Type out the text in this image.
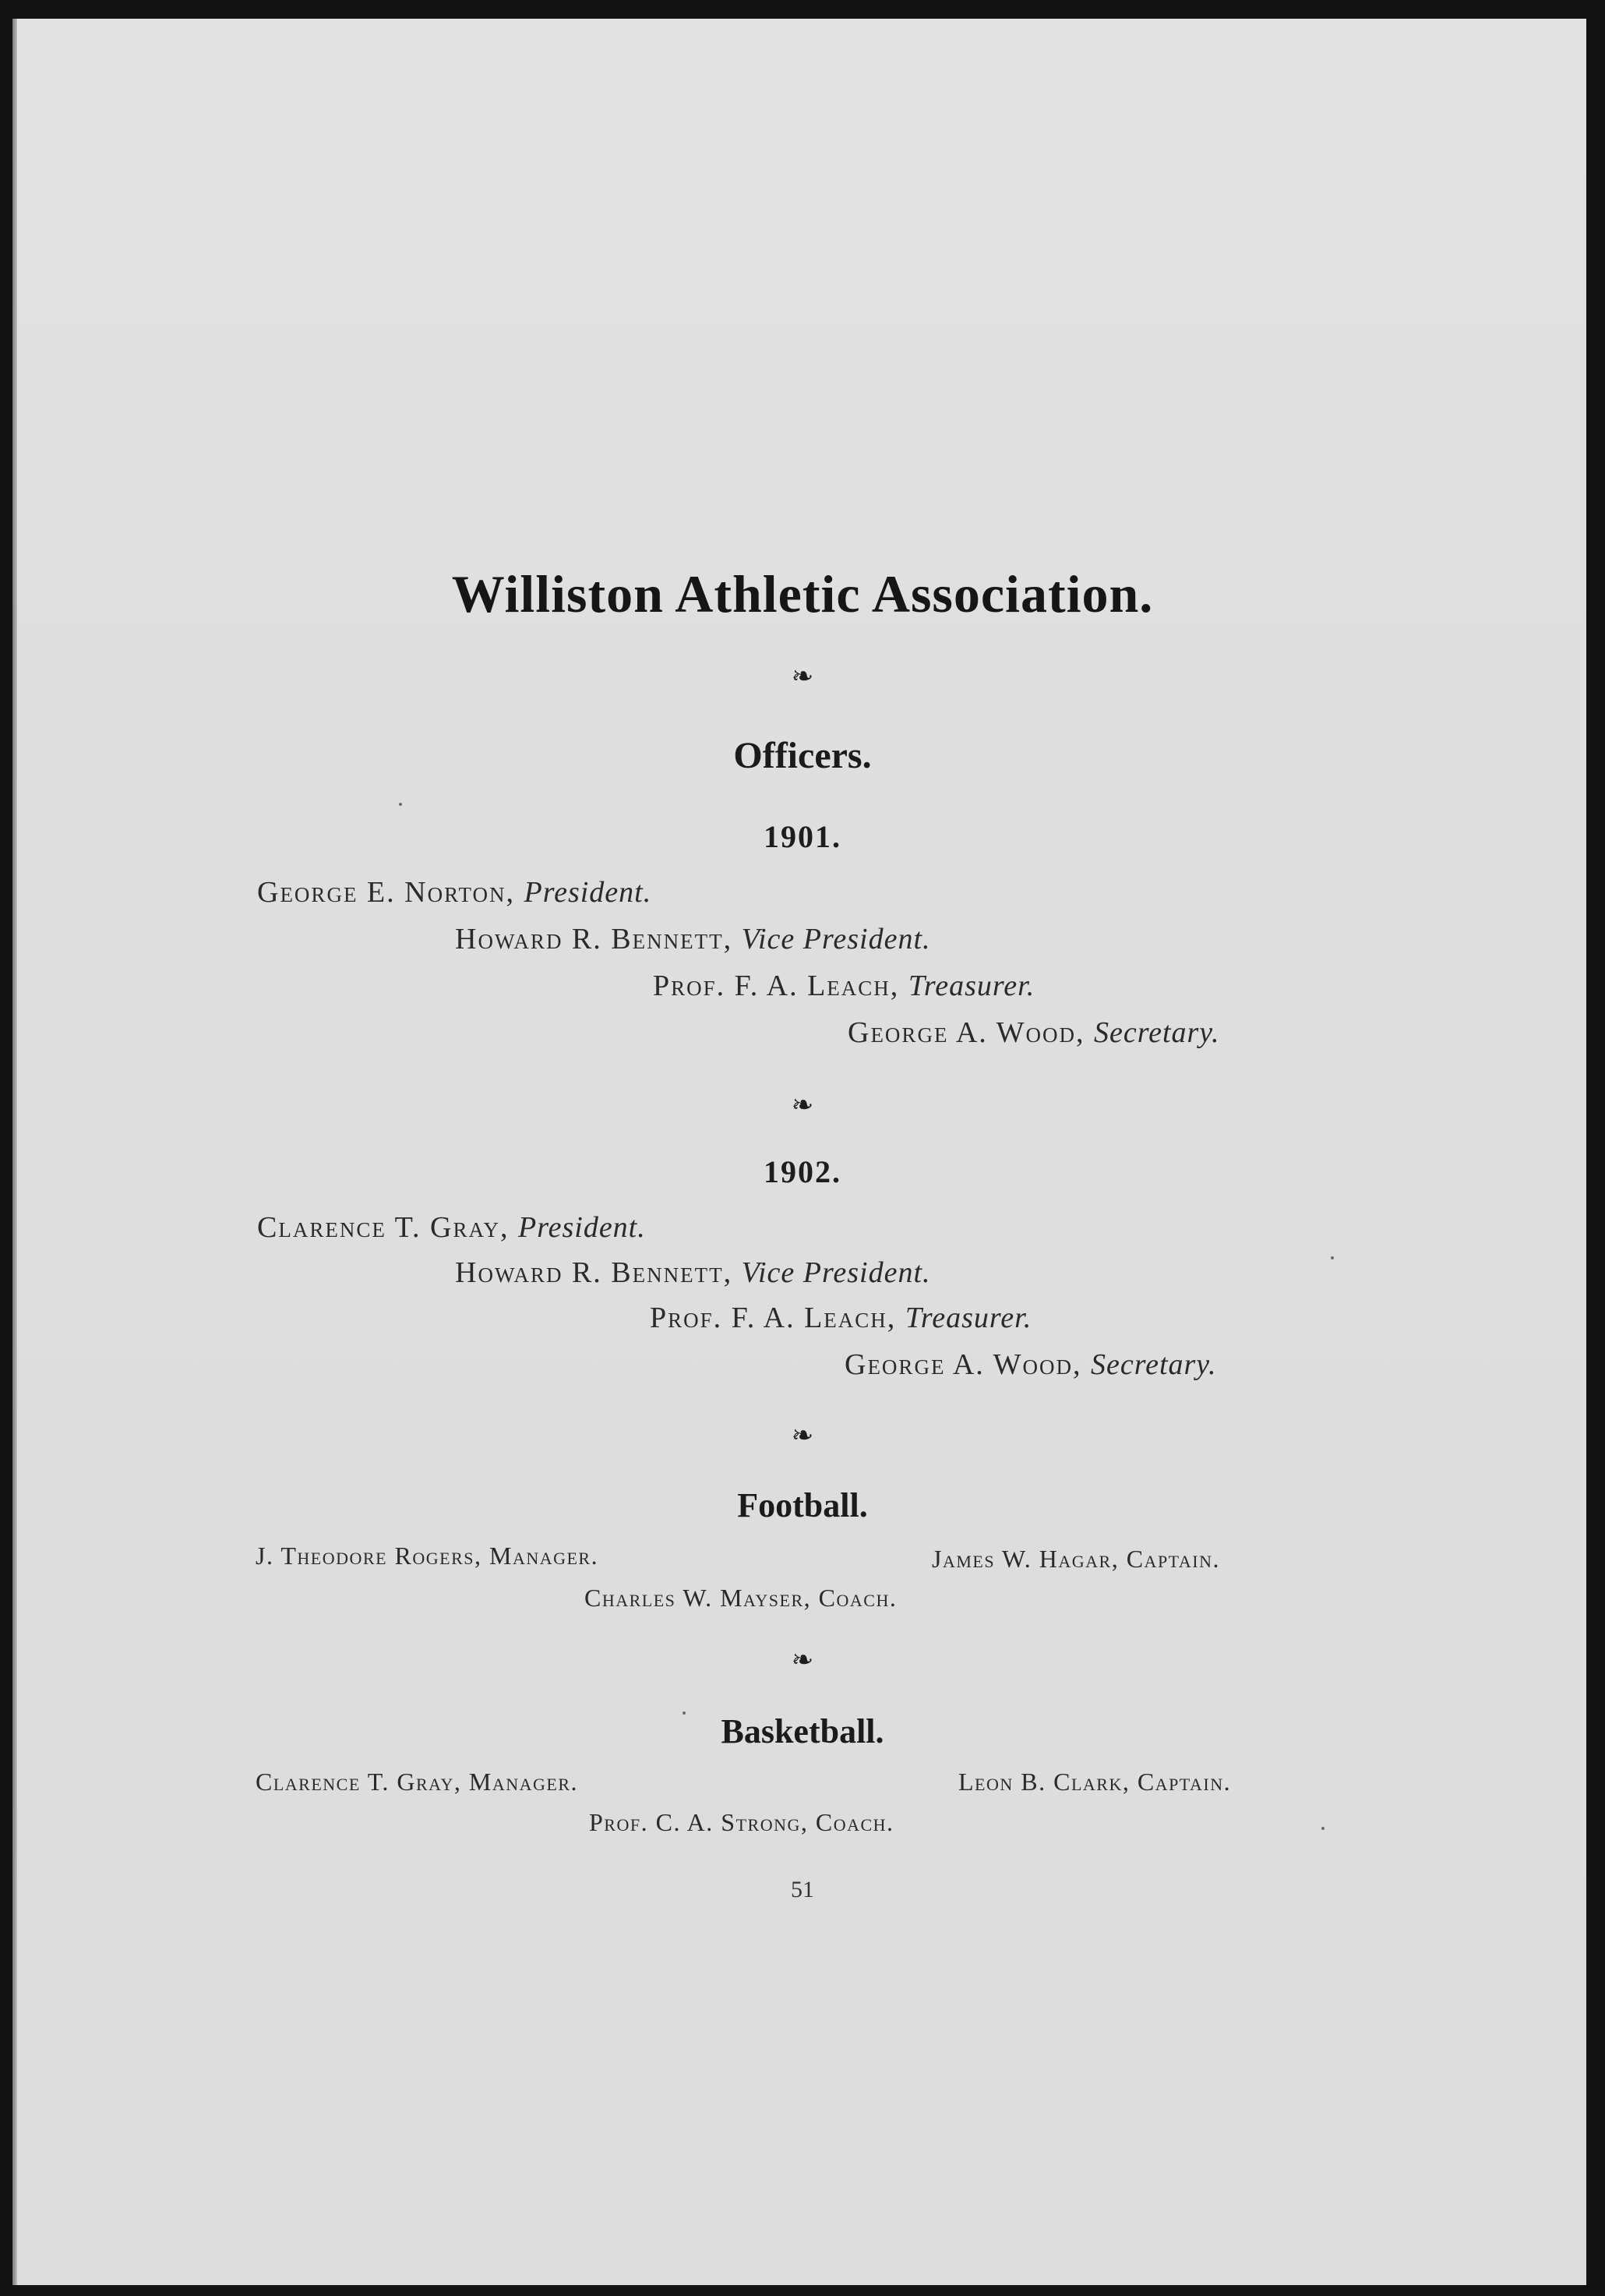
Williston Athletic Association.
❧
Officers.
1901.
George E. Norton, President.
Howard R. Bennett, Vice President.
Prof. F. A. Leach, Treasurer.
George A. Wood, Secretary.
❧
1902.
Clarence T. Gray, President.
Howard R. Bennett, Vice President.
Prof. F. A. Leach, Treasurer.
George A. Wood, Secretary.
❧
Football.
J. Theodore Rogers, Manager.	James W. Hagar, Captain.
Charles W. Mayser, Coach.
❧
Basketball.
Clarence T. Gray, Manager.	Leon B. Clark, Captain.
Prof. C. A. Strong, Coach.
51
